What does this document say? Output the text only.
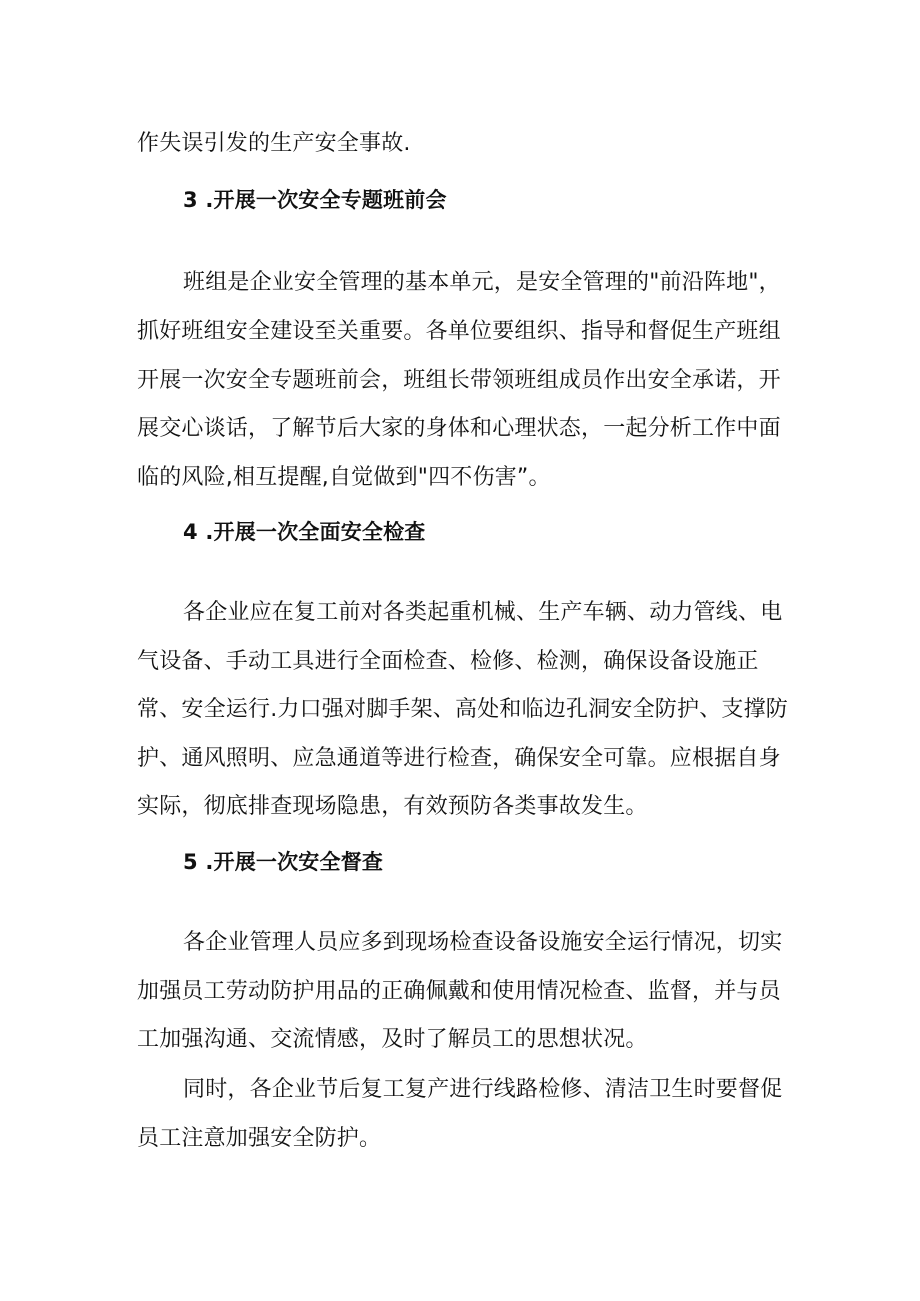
作失误引发的生产安全事故.
3 .开展一次安全专题班前会
班组是企业安全管理的基本单元，是安全管理的"前沿阵地"，
抓好班组安全建设至关重要。各单位要组织、指导和督促生产班组
开展一次安全专题班前会，班组长带领班组成员作出安全承诺，开
展交心谈话，了解节后大家的身体和心理状态，一起分析工作中面
临的风险,相互提醒,自觉做到"四不伤害”。
4 .开展一次全面安全检查
各企业应在复工前对各类起重机械、生产车辆、动力管线、电
气设备、手动工具进行全面检查、检修、检测，确保设备设施正
常、安全运行.力口强对脚手架、高处和临边孔洞安全防护、支撑防
护、通风照明、应急通道等进行检查，确保安全可靠。应根据自身
实际，彻底排查现场隐患，有效预防各类事故发生。
5 .开展一次安全督查
各企业管理人员应多到现场检查设备设施安全运行情况，切实
加强员工劳动防护用品的正确佩戴和使用情况检查、监督，并与员
工加强沟通、交流情感，及时了解员工的思想状况。
同时，各企业节后复工复产进行线路检修、清洁卫生时要督促
员工注意加强安全防护。
